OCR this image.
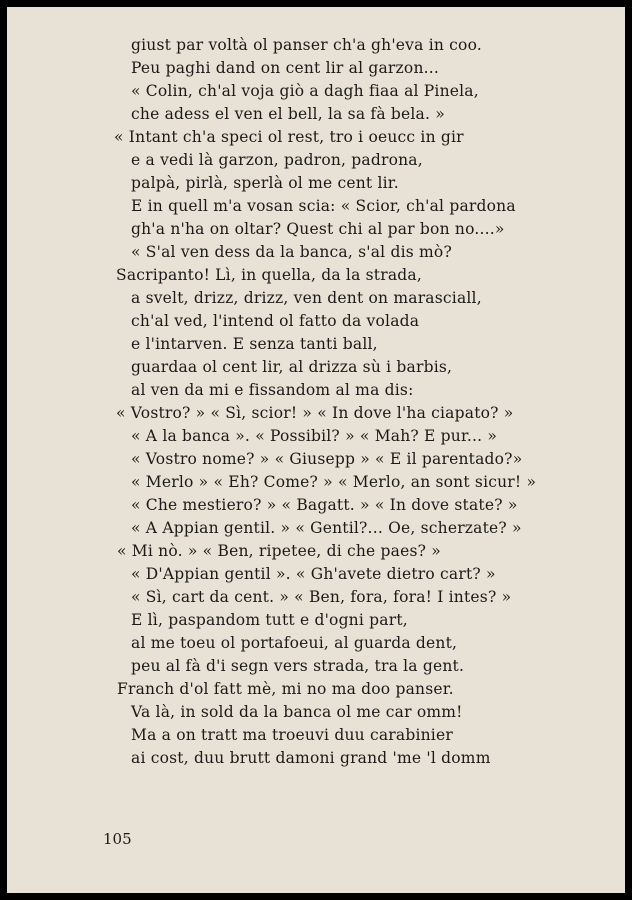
giust par voltà ol panser ch'a gh'eva in coo.
Peu paghi dand on cent lir al garzon...
« Colin, ch'al voja giò a dagh fiaa al Pinela,
che adess el ven el bell, la sa fà bela. »
« Intant ch'a speci ol rest, tro i oeucc in gir
e a vedi là garzon, padron, padrona,
palpà, pirlà, sperlà ol me cent lir.
E in quell m'a vosan scia: « Scior, ch'al pardona
gh'a n'ha on oltar? Quest chi al par bon no....»
« S'al ven dess da la banca, s'al dis mò?
Sacripanto! Lì, in quella, da la strada,
a svelt, drizz, drizz, ven dent on marasciall,
ch'al ved, l'intend ol fatto da volada
e l'intarven. E senza tanti ball,
guardaa ol cent lir, al drizza sù i barbis,
al ven da mi e fissandom al ma dis:
« Vostro? » « Sì, scior! » « In dove l'ha ciapato? »
« A la banca ». « Possibil? » « Mah? E pur... »
« Vostro nome? » « Giusepp » « E il parentado?»
« Merlo » « Eh? Come? » « Merlo, an sont sicur! »
« Che mestiero? » « Bagatt. » « In dove state? »
« A Appian gentil. » « Gentil?... Oe, scherzate? »
« Mi nò. » « Ben, ripetee, di che paes? »
« D'Appian gentil ». « Gh'avete dietro cart? »
« Sì, cart da cent. » « Ben, fora, fora! I intes? »
E lì, paspandom tutt e d'ogni part,
al me toeu ol portafoeui, al guarda dent,
peu al fà d'i segn vers strada, tra la gent.
Franch d'ol fatt mè, mi no ma doo panser.
Va là, in sold da la banca ol me car omm!
Ma a on tratt ma troeuvi duu carabinier
ai cost, duu brutt damoni grand 'me 'l domm
105
